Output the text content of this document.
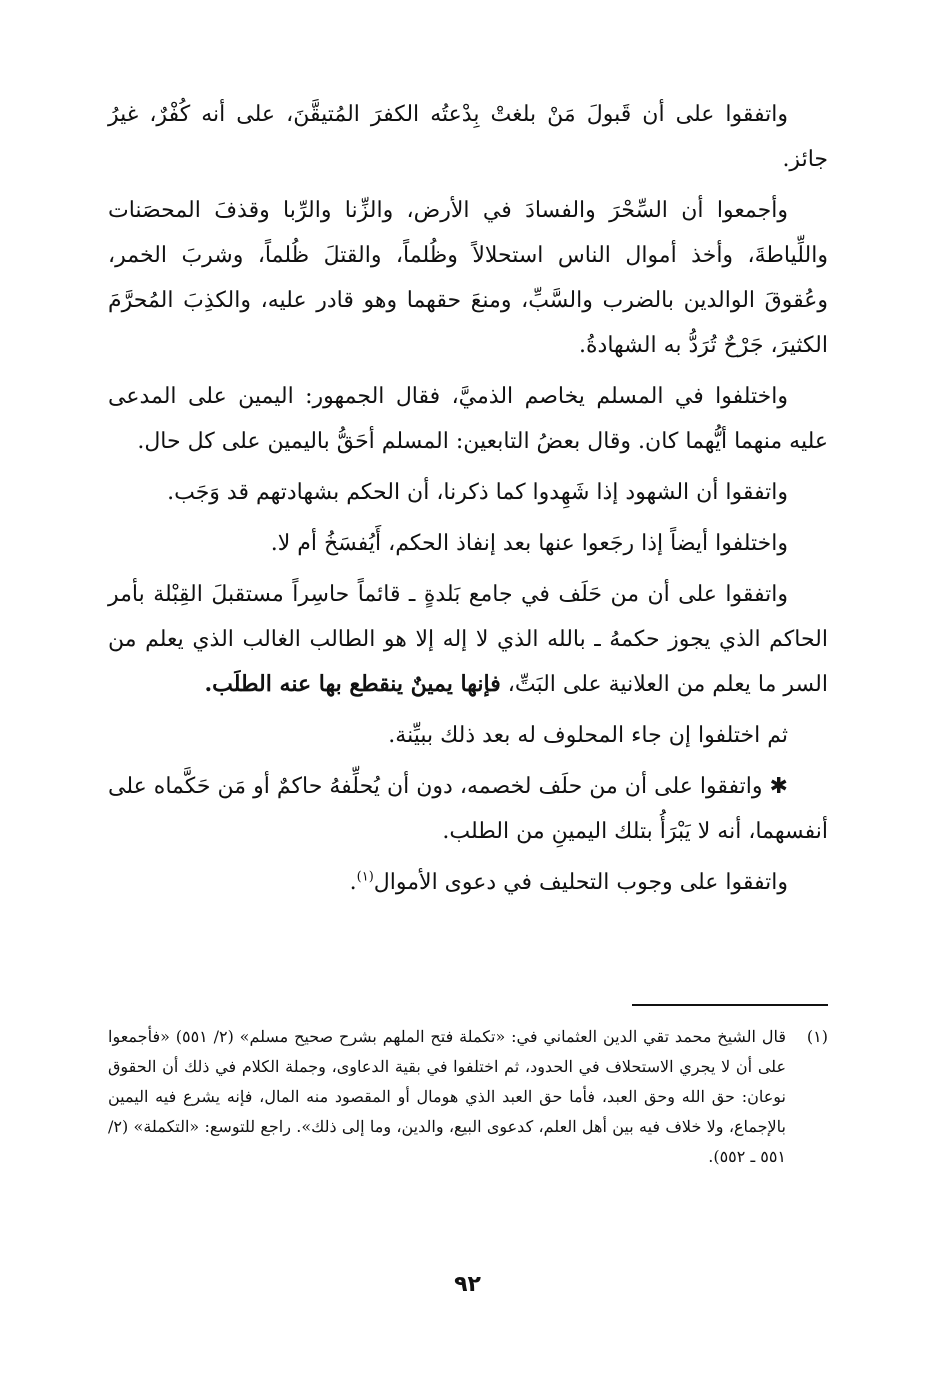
واتفقوا على أن قَبولَ مَنْ بلغتْ بِدْعتُه الكفرَ المُتيقَّنَ، على أنه كُفْرٌ، غيرُ جائز.

وأجمعوا أن السِّحْرَ والفسادَ في الأرض، والزِّنا والرِّبا وقذفَ المحصَنات واللِّياطةَ، وأخذ أموال الناس استحلالاً وظُلماً، والقتلَ ظُلماً، وشربَ الخمر، وعُقوقَ الوالدين بالضرب والسَّبِّ، ومنعَ حقهما وهو قادر عليه، والكذِبَ المُحرَّمَ الكثيرَ، جَرْحٌ تُرَدُّ به الشهادةُ.

واختلفوا في المسلم يخاصم الذميَّ، فقال الجمهور: اليمين على المدعى عليه منهما أيُّهما كان. وقال بعضُ التابعين: المسلم أحَقُّ باليمين على كل حال.

واتفقوا أن الشهود إذا شَهِدوا كما ذكرنا، أن الحكم بشهادتهم قد وَجَب.

واختلفوا أيضاً إذا رجَعوا عنها بعد إنفاذ الحكم، أَيُفسَخُ أم لا.

واتفقوا على أن من حَلَف في جامع بَلدةٍ ـ قائماً حاسِراً مستقبلَ القِبْلة بأمر الحاكم الذي يجوز حكمهُ ـ بالله الذي لا إله إلا هو الطالب الغالب الذي يعلم من السر ما يعلم من العلانية على البَتِّ، فإنها يمينٌ ينقطع بها عنه الطلَب.

ثم اختلفوا إن جاء المحلوف له بعد ذلك ببيِّنة.

✱ واتفقوا على أن من حلَف لخصمه، دون أن يُحلِّفهُ حاكمٌ أو مَن حَكَّماه على أنفسهما، أنه لا يَبْرَأُ بتلك اليمينِ من الطلب.

واتفقوا على وجوب التحليف في دعوى الأموال$^{(١)}$.

(١)
قال الشيخ محمد تقي الدين العثماني في: «تكملة فتح الملهم بشرح صحيح مسلم» (٢/ ٥٥١) «فأجمعوا على أن لا يجري الاستحلاف في الحدود، ثم اختلفوا في بقية الدعاوى، وجملة الكلام في ذلك أن الحقوق نوعان: حق الله وحق العبد، فأما حق العبد الذي هومال أو المقصود منه المال، فإنه يشرع فيه اليمين بالإجماع، ولا خلاف فيه بين أهل العلم، كدعوى البيع، والدين، وما إلى ذلك». راجع للتوسع: «التكملة» (٢/ ٥٥١ ـ ٥٥٢).
٩٢
